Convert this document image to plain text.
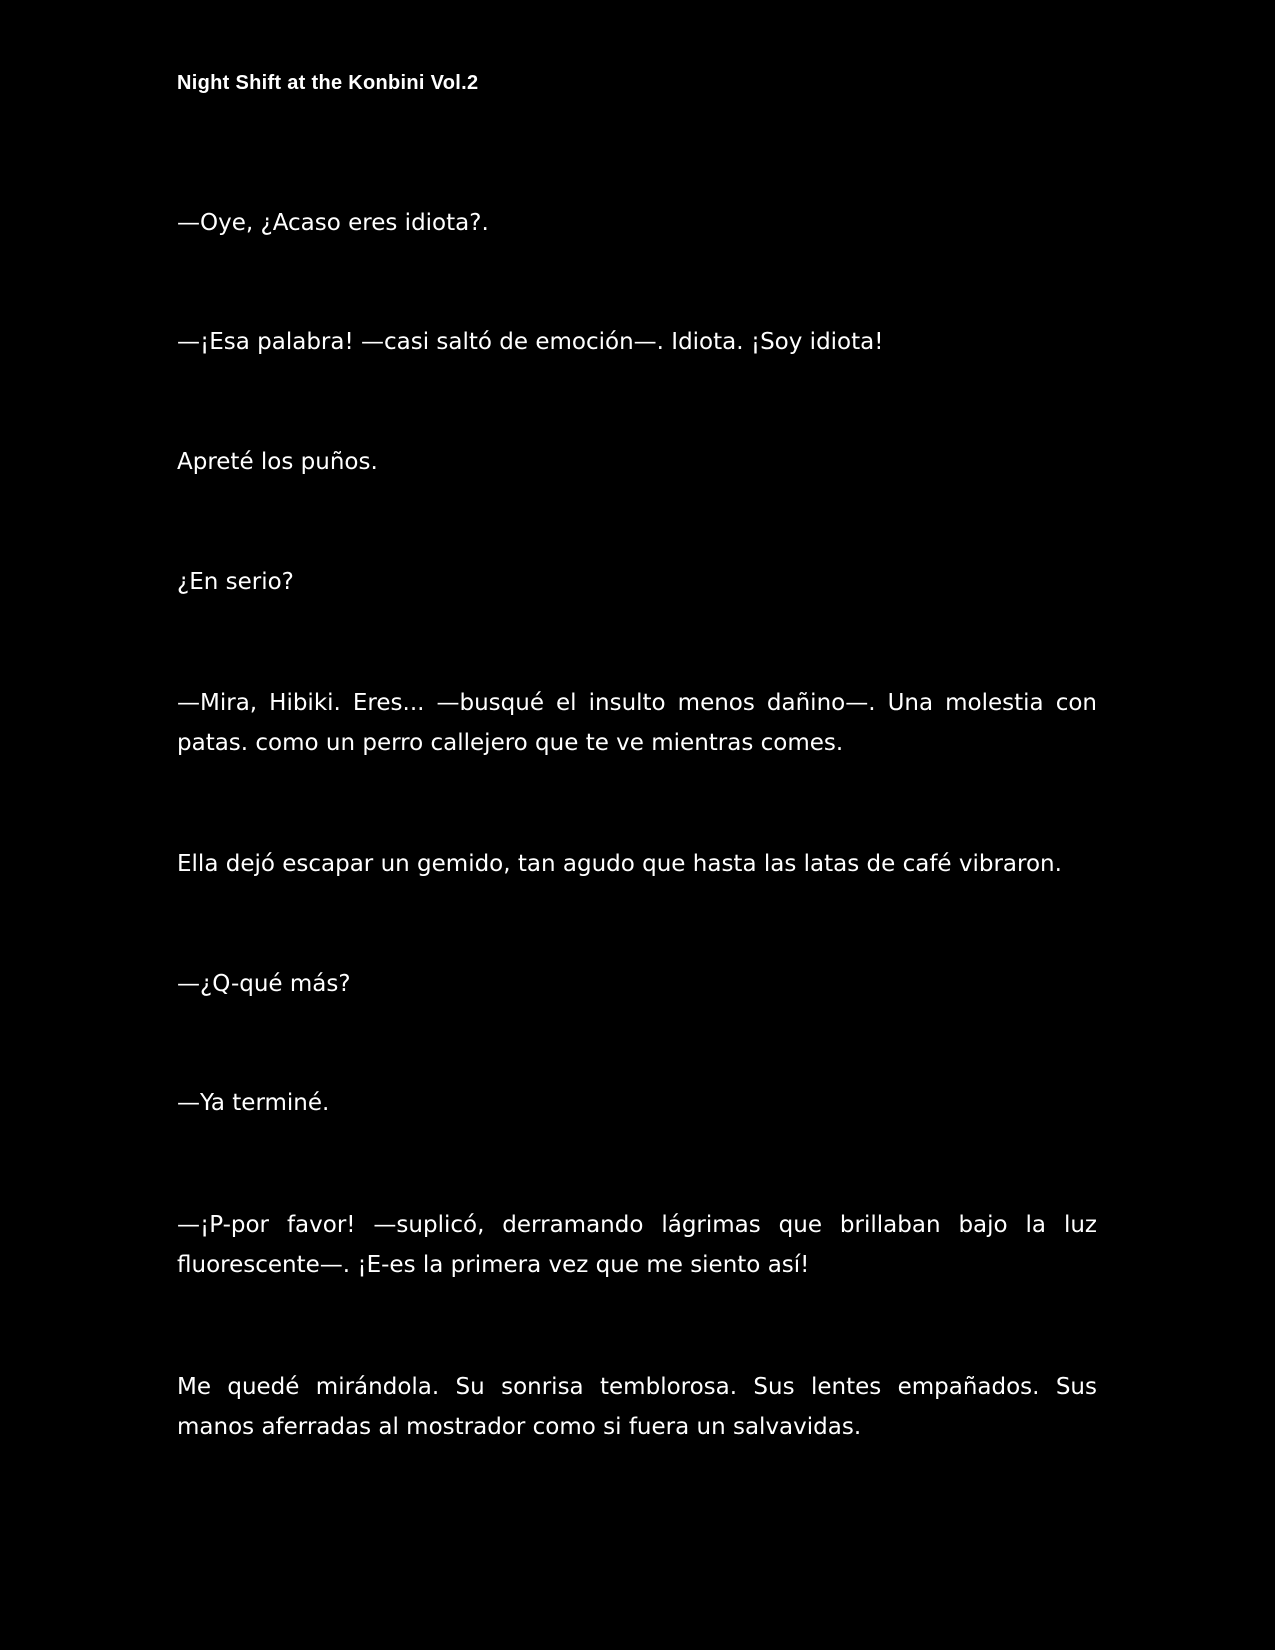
Night Shift at the Konbini Vol.2

—Oye, ¿Acaso eres idiota?.

—¡Esa palabra! —casi saltó de emoción—. Idiota. ¡Soy idiota!

Apreté los puños.

¿En serio?

—Mira, Hibiki. Eres... —busqué el insulto menos dañino—. Una molestia con patas. como un perro callejero que te ve mientras comes.

Ella dejó escapar un gemido, tan agudo que hasta las latas de café vibraron.

—¿Q-qué más?

—Ya terminé.

—¡P-por favor! —suplicó, derramando lágrimas que brillaban bajo la luz fluorescente—. ¡E-es la primera vez que me siento así!

Me quedé mirándola. Su sonrisa temblorosa. Sus lentes empañados. Sus manos aferradas al mostrador como si fuera un salvavidas.
